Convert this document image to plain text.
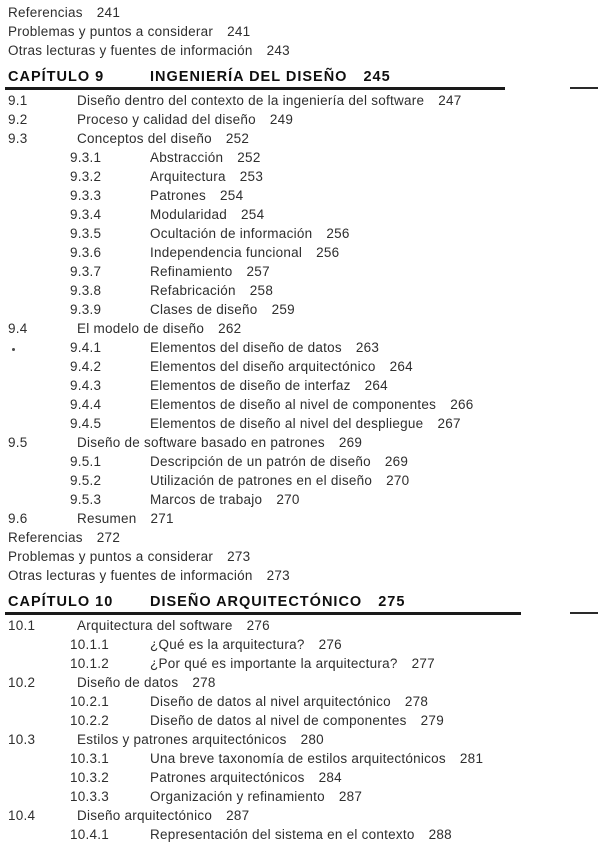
Referencias 241
Problemas y puntos a considerar 241
Otras lecturas y fuentes de información 243
CAPÍTULO 9	INGENIERÍA DEL DISEÑO 245
9.1	Diseño dentro del contexto de la ingeniería del software 247
9.2	Proceso y calidad del diseño 249
9.3	Conceptos del diseño 252
9.3.1	Abstracción 252
9.3.2	Arquitectura 253
9.3.3	Patrones 254
9.3.4	Modularidad 254
9.3.5	Ocultación de información 256
9.3.6	Independencia funcional 256
9.3.7	Refinamiento 257
9.3.8	Refabricación 258
9.3.9	Clases de diseño 259
9.4	El modelo de diseño 262
9.4.1	Elementos del diseño de datos 263
9.4.2	Elementos del diseño arquitectónico 264
9.4.3	Elementos de diseño de interfaz 264
9.4.4	Elementos de diseño al nivel de componentes 266
9.4.5	Elementos de diseño al nivel del despliegue 267
9.5	Diseño de software basado en patrones 269
9.5.1	Descripción de un patrón de diseño 269
9.5.2	Utilización de patrones en el diseño 270
9.5.3	Marcos de trabajo 270
9.6	Resumen 271
Referencias 272
Problemas y puntos a considerar 273
Otras lecturas y fuentes de información 273
CAPÍTULO 10	DISEÑO ARQUITECTÓNICO 275
10.1	Arquitectura del software 276
10.1.1	¿Qué es la arquitectura? 276
10.1.2	¿Por qué es importante la arquitectura? 277
10.2	Diseño de datos 278
10.2.1	Diseño de datos al nivel arquitectónico 278
10.2.2	Diseño de datos al nivel de componentes 279
10.3	Estilos y patrones arquitectónicos 280
10.3.1	Una breve taxonomía de estilos arquitectónicos 281
10.3.2	Patrones arquitectónicos 284
10.3.3	Organización y refinamiento 287
10.4	Diseño arquitectónico 287
10.4.1	Representación del sistema en el contexto 288
